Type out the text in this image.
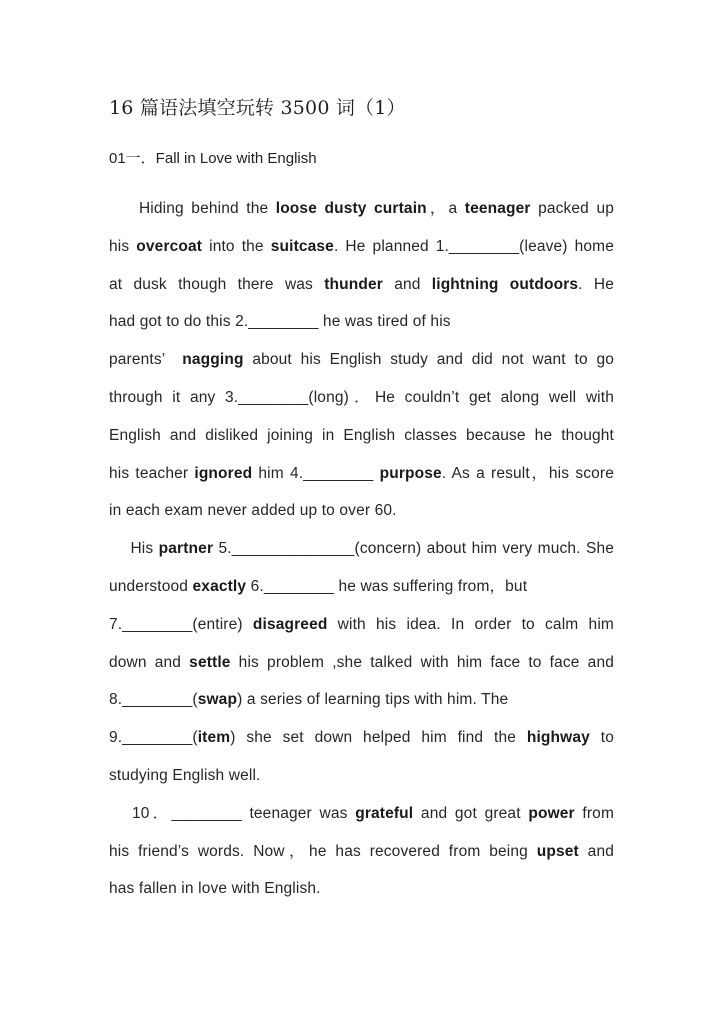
16 篇语法填空玩转 3500 词（1）
01一．Fall in Love with English
Hiding behind the loose dusty curtain，a teenager packed up
his overcoat into the suitcase. He planned 1.________(leave) home
at dusk though there was thunder and lightning outdoors. He
had got to do this 2.________ he was tired of his
parents’  nagging about his English study and did not want to go
through it any 3.________(long)．He couldn’t get along well with
English and disliked joining in English classes because he thought
his teacher ignored him 4.________ purpose. As a result，his score
in each exam never added up to over 60.
His partner 5.______________(concern) about him very much. She
understood exactly 6.________ he was suffering from，but
7.________(entire) disagreed with his idea. In order to calm him
down and settle his problem ,she talked with him face to face and
8.________(swap) a series of learning tips with him. The
9.________(item) she set down helped him find the highway to
studying English well.
10．________ teenager was grateful and got great power from
his friend’s words. Now，he has recovered from being upset and
has fallen in love with English.
